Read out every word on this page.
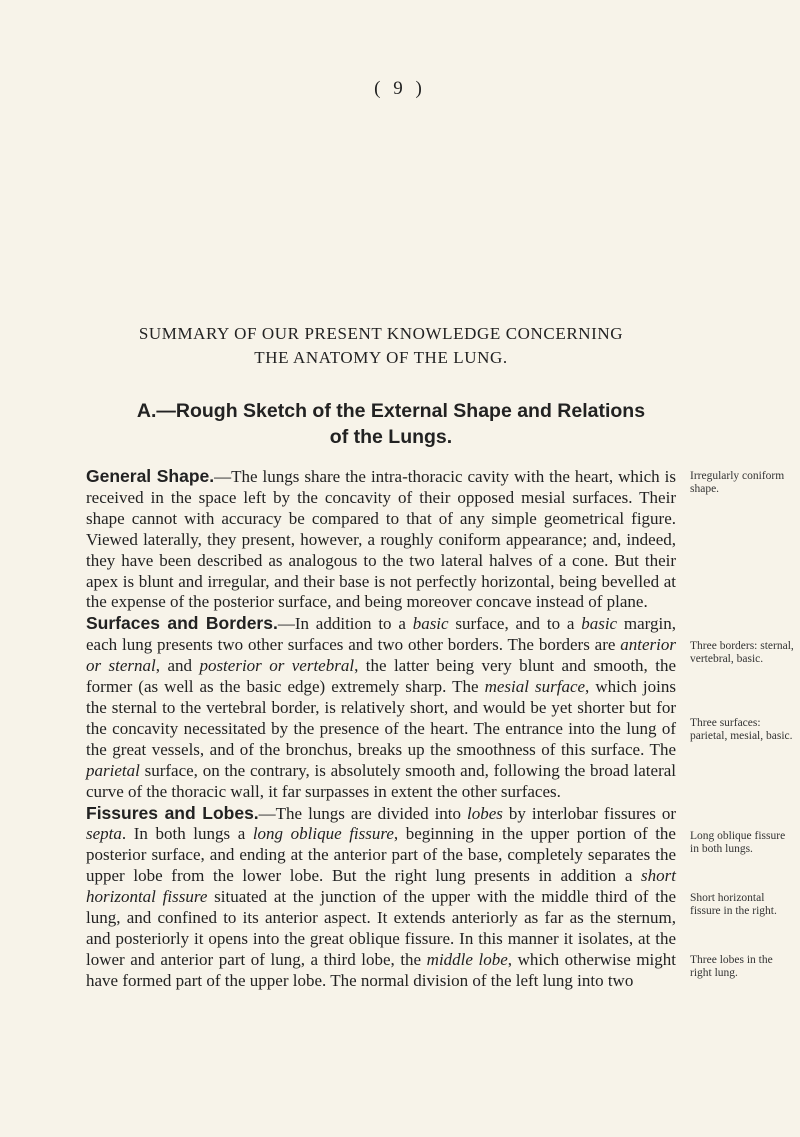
( 9 )
SUMMARY OF OUR PRESENT KNOWLEDGE CONCERNING
THE ANATOMY OF THE LUNG.
A.—Rough Sketch of the External Shape and Relations
of the Lungs.

General Shape.—The lungs share the intra-thoracic cavity with the heart, which is received in the space left by the concavity of their opposed mesial surfaces. Their shape cannot with accuracy be compared to that of any simple geometrical figure. Viewed laterally, they present, however, a roughly coniform appearance; and, indeed, they have been described as analogous to the two lateral halves of a cone. But their apex is blunt and irregular, and their base is not perfectly horizontal, being bevelled at the expense of the posterior surface, and being moreover concave instead of plane.

Surfaces and Borders.—In addition to a basic surface, and to a basic margin, each lung presents two other surfaces and two other borders. The borders are anterior or sternal, and posterior or vertebral, the latter being very blunt and smooth, the former (as well as the basic edge) extremely sharp. The mesial surface, which joins the sternal to the vertebral border, is relatively short, and would be yet shorter but for the concavity necessitated by the presence of the heart. The entrance into the lung of the great vessels, and of the bronchus, breaks up the smoothness of this surface. The parietal surface, on the contrary, is absolutely smooth and, following the broad lateral curve of the thoracic wall, it far surpasses in extent the other surfaces.

Fissures and Lobes.—The lungs are divided into lobes by interlobar fissures or septa. In both lungs a long oblique fissure, beginning in the upper portion of the posterior surface, and ending at the anterior part of the base, completely separates the upper lobe from the lower lobe. But the right lung presents in addition a short horizontal fissure situated at the junction of the upper with the middle third of the lung, and confined to its anterior aspect. It extends anteriorly as far as the sternum, and posteriorly it opens into the great oblique fissure. In this manner it isolates, at the lower and anterior part of lung, a third lobe, the middle lobe, which otherwise might have formed part of the upper lobe. The normal division of the left lung into two

Irregularly coniform shape.
Three borders: sternal, vertebral, basic.
Three surfaces: parietal, mesial, basic.
Long oblique fissure in both lungs.
Short horizontal fissure in the right.
Three lobes in the right lung.
